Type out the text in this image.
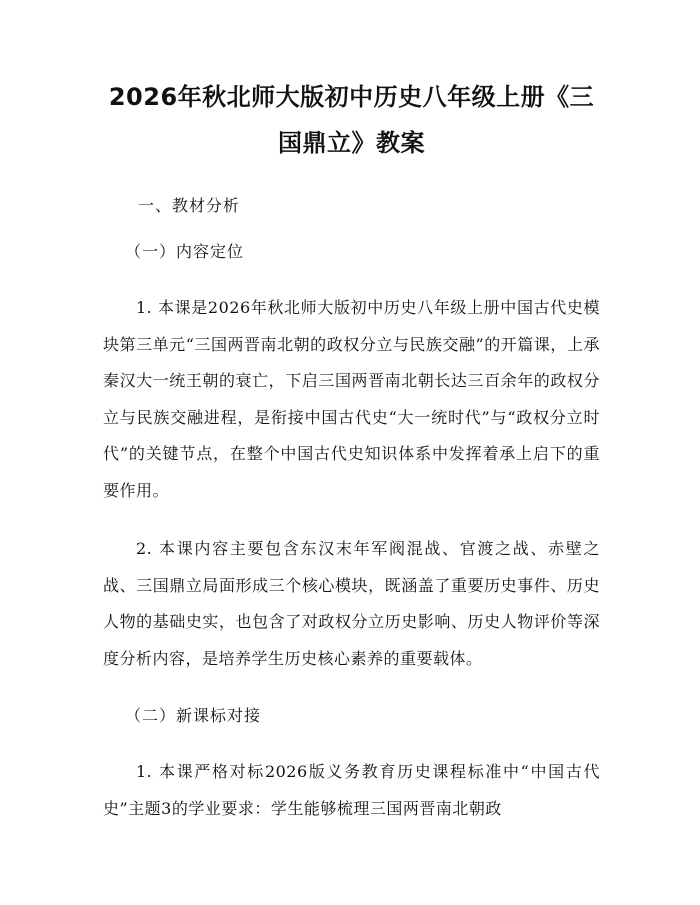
2026年秋北师大版初中历史八年级上册《三国鼎立》教案

一、教材分析

（一）内容定位

1. 本课是2026年秋北师大版初中历史八年级上册中国古代史模块第三单元“三国两晋南北朝的政权分立与民族交融”的开篇课，上承秦汉大一统王朝的衰亡，下启三国两晋南北朝长达三百余年的政权分立与民族交融进程，是衔接中国古代史“大一统时代”与“政权分立时代”的关键节点，在整个中国古代史知识体系中发挥着承上启下的重要作用。

2. 本课内容主要包含东汉末年军阀混战、官渡之战、赤壁之战、三国鼎立局面形成三个核心模块，既涵盖了重要历史事件、历史人物的基础史实，也包含了对政权分立历史影响、历史人物评价等深度分析内容，是培养学生历史核心素养的重要载体。

（二）新课标对接

1. 本课严格对标2026版义务教育历史课程标准中“中国古代史”主题3的学业要求：学生能够梳理三国两晋南北朝政
